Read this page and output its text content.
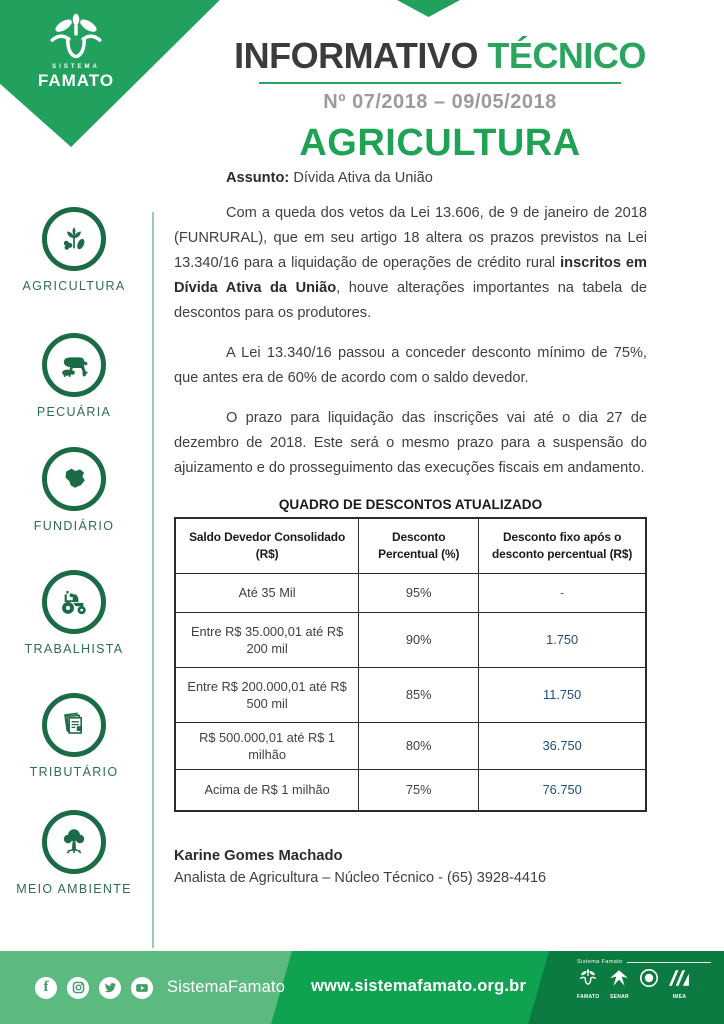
SISTEMA
FAMATO
INFORMATIVO TÉCNICO
Nº 07/2018 – 09/05/2018
AGRICULTURA
AGRICULTURA
PECUÁRIA
FUNDIÁRIO
TRABALHISTA
TRIBUTÁRIO
MEIO AMBIENTE
Assunto: Dívida Ativa da União

Com a queda dos vetos da Lei 13.606, de 9 de janeiro de 2018 (FUNRURAL), que em seu artigo 18 altera os prazos previstos na Lei 13.340/16 para a liquidação de operações de crédito rural inscritos em Dívida Ativa da União, houve alterações importantes na tabela de descontos para os produtores.

A Lei 13.340/16 passou a conceder desconto mínimo de 75%, que antes era de 60% de acordo com o saldo devedor.

O prazo para liquidação das inscrições vai até o dia 27 de dezembro de 2018. Este será o mesmo prazo para a suspensão do ajuizamento e do prosseguimento das execuções fiscais em andamento.

QUADRO DE DESCONTOS ATUALIZADO
Saldo Devedor Consolidado (R$)	Desconto Percentual (%)	Desconto fixo após o desconto percentual (R$)
Até 35 Mil	95%	-
Entre R$ 35.000,01 até R$ 200 mil	90%	1.750
Entre R$ 200.000,01 até R$ 500 mil	85%	11.750
R$ 500.000,01 até R$ 1 milhão	80%	36.750
Acima de R$ 1 milhão	75%	76.750
Karine Gomes Machado
Analista de Agricultura – Núcleo Técnico - (65) 3928-4416
f	SistemaFamato www.sistemafamato.org.br
Sistema Famato
FAMATO SENAR	IMEA
